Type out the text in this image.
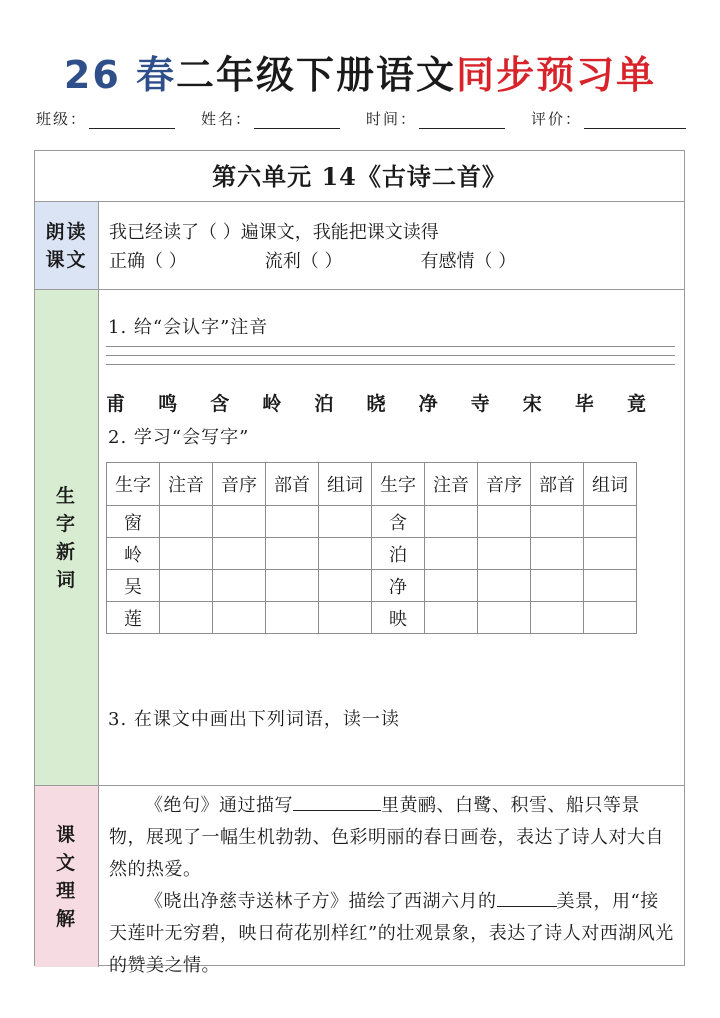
26 春二年级下册语文同步预习单
班级：	姓名：	时间：	评价：
第六单元 14《古诗二首》
朗读
课文
我已经读了（ ）遍课文，我能把课文读得
正确（ ）	流利（ ）	有感情（ ）
生
字
新
词
课
文
理
解

《绝句》通过描写	里黄鹂、白鹭、积雪、船只等景物，展现了一幅生机勃勃、色彩明丽的春日画卷，表达了诗人对大自然的热爱。

《晓出净慈寺送林子方》描绘了西湖六月的	美景，用“接天莲叶无穷碧，映日荷花别样红”的壮观景象，表达了诗人对西湖风光的赞美之情。

1. 给“会认字”注音
甫 鸣 含 岭 泊 晓 净 寺 宋 毕 竟
2. 学习“会写字”
生字	注音	音序	部首	组词	生字	注音	音序	部首	组词
窗					含				
岭					泊				
吴					净				
莲					映				
3. 在课文中画出下列词语，读一读
